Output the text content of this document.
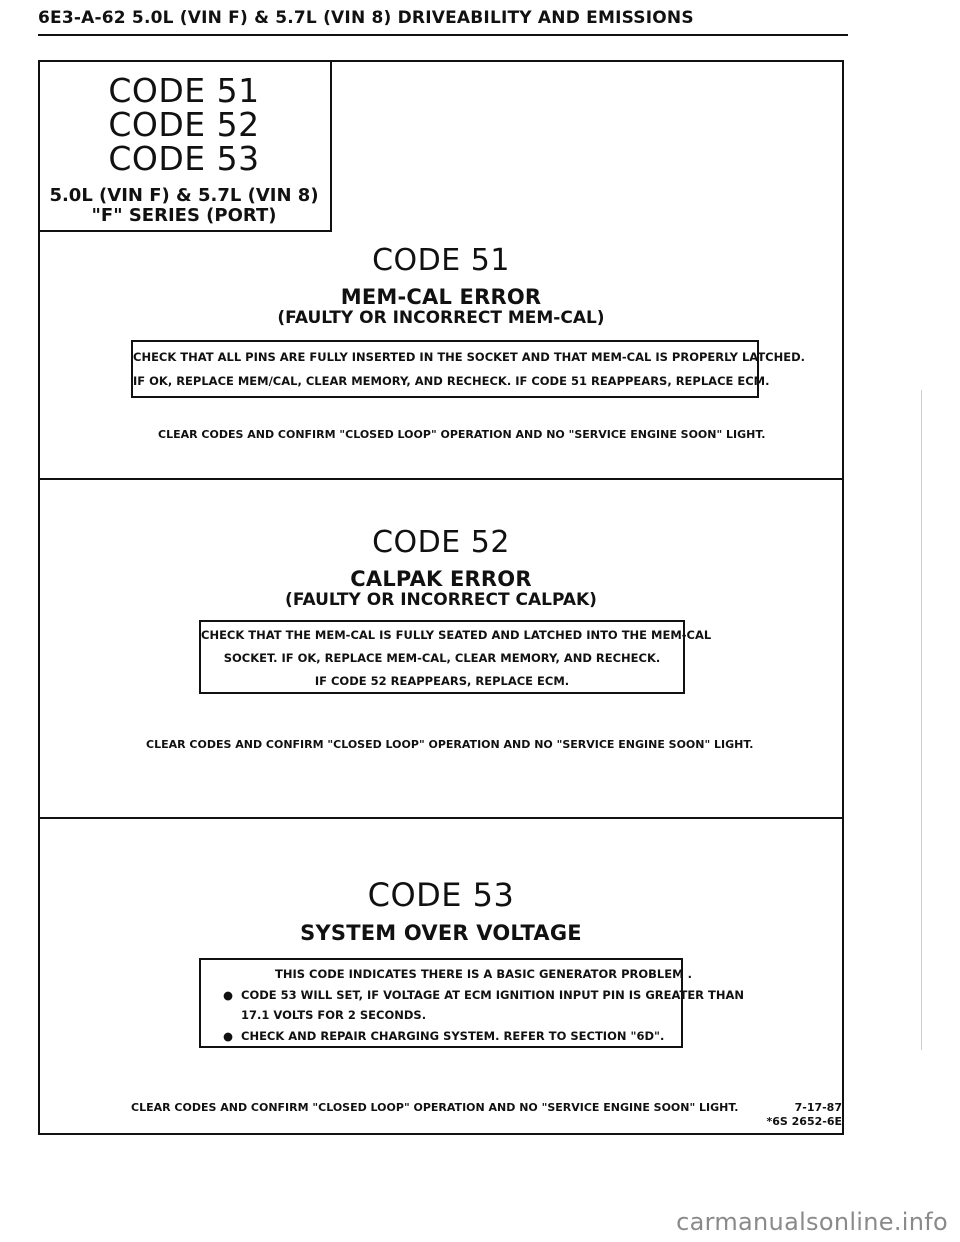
6E3-A-62 5.0L (VIN F) & 5.7L (VIN 8) DRIVEABILITY AND EMISSIONS
CODE 51
CODE 52
CODE 53
5.0L (VIN F) & 5.7L (VIN 8)
"F" SERIES (PORT)
CODE 51
MEM-CAL ERROR
(FAULTY OR INCORRECT MEM-CAL)
CHECK THAT ALL PINS ARE FULLY INSERTED IN THE SOCKET AND THAT MEM-CAL IS PROPERLY LATCHED.
IF OK, REPLACE MEM/CAL, CLEAR MEMORY, AND RECHECK. IF CODE 51 REAPPEARS, REPLACE ECM.
CLEAR CODES AND CONFIRM "CLOSED LOOP" OPERATION AND NO "SERVICE ENGINE SOON" LIGHT.
CODE 52
CALPAK ERROR
(FAULTY OR INCORRECT CALPAK)
CHECK THAT THE MEM-CAL IS FULLY SEATED AND LATCHED INTO THE MEM-CAL
SOCKET. IF OK, REPLACE MEM-CAL, CLEAR MEMORY, AND RECHECK.
IF CODE 52 REAPPEARS, REPLACE ECM.
CLEAR CODES AND CONFIRM "CLOSED LOOP" OPERATION AND NO "SERVICE ENGINE SOON" LIGHT.
CODE 53
SYSTEM OVER VOLTAGE
THIS CODE INDICATES THERE IS A BASIC GENERATOR PROBLEM .
● CODE 53 WILL SET, IF VOLTAGE AT ECM IGNITION INPUT PIN IS GREATER THAN
17.1 VOLTS FOR 2 SECONDS.
● CHECK AND REPAIR CHARGING SYSTEM. REFER TO SECTION "6D".
CLEAR CODES AND CONFIRM "CLOSED LOOP" OPERATION AND NO "SERVICE ENGINE SOON" LIGHT.	7-17-87
*6S 2652-6E
carmanualsonline.info
